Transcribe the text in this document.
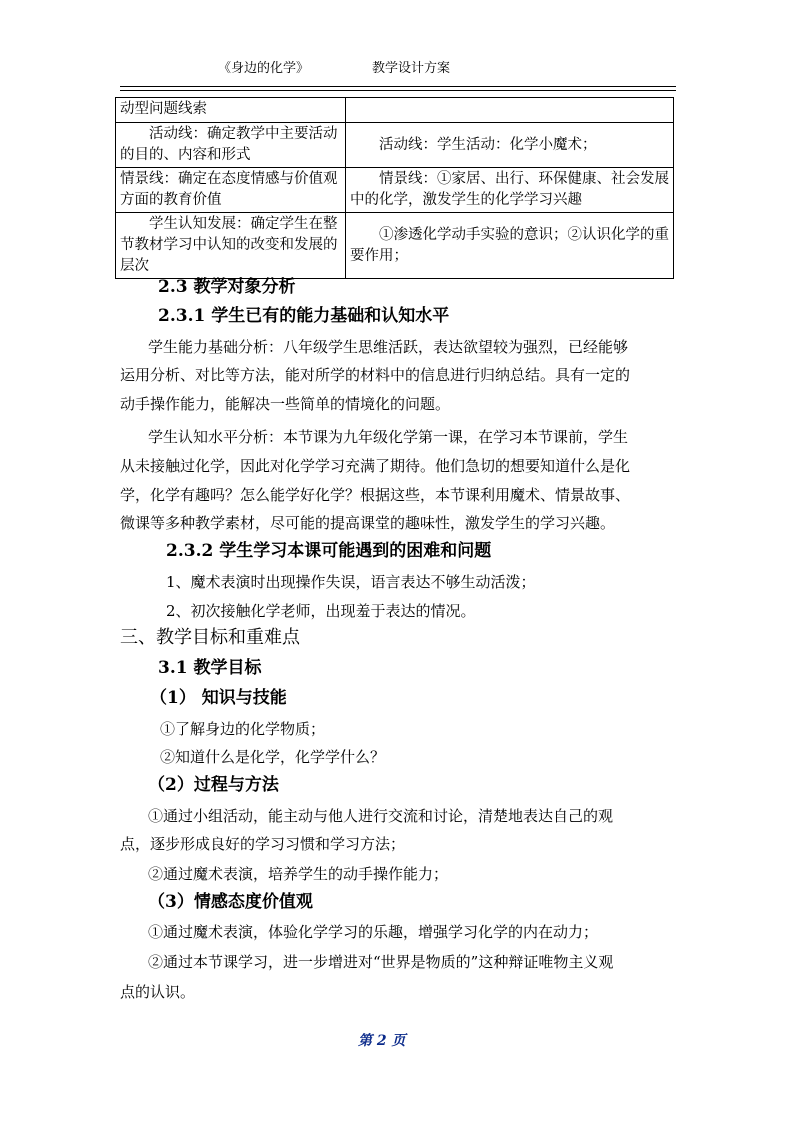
《身边的化学》	教学设计方案
动型问题线索	
活动线：确定教学中主要活动的目的、内容和形式	活动线：学生活动：化学小魔术；
情景线：确定在态度情感与价值观方面的教育价值	情景线：①家居、出行、环保健康、社会发展中的化学，激发学生的化学学习兴趣
学生认知发展：确定学生在整节教材学习中认知的改变和发展的层次	①渗透化学动手实验的意识；②认识化学的重要作用；
2.3 教学对象分析
2.3.1 学生已有的能力基础和认知水平
学生能力基础分析：八年级学生思维活跃，表达欲望较为强烈，已经能够
运用分析、对比等方法，能对所学的材料中的信息进行归纳总结。具有一定的
动手操作能力，能解决一些简单的情境化的问题。
学生认知水平分析：本节课为九年级化学第一课，在学习本节课前，学生
从未接触过化学，因此对化学学习充满了期待。他们急切的想要知道什么是化
学，化学有趣吗？怎么能学好化学？根据这些，本节课利用魔术、情景故事、
微课等多种教学素材，尽可能的提高课堂的趣味性，激发学生的学习兴趣。
2.3.2 学生学习本课可能遇到的困难和问题
1、魔术表演时出现操作失误，语言表达不够生动活泼；
2、初次接触化学老师，出现羞于表达的情况。
三、教学目标和重难点
3.1 教学目标
（1） 知识与技能
①了解身边的化学物质；
②知道什么是化学，化学学什么？
（2）过程与方法
①通过小组活动，能主动与他人进行交流和讨论，清楚地表达自己的观
点，逐步形成良好的学习习惯和学习方法；
②通过魔术表演，培养学生的动手操作能力；
（3）情感态度价值观
①通过魔术表演，体验化学学习的乐趣，增强学习化学的内在动力；
②通过本节课学习，进一步增进对“世界是物质的”这种辩证唯物主义观
点的认识。
第 2 页
